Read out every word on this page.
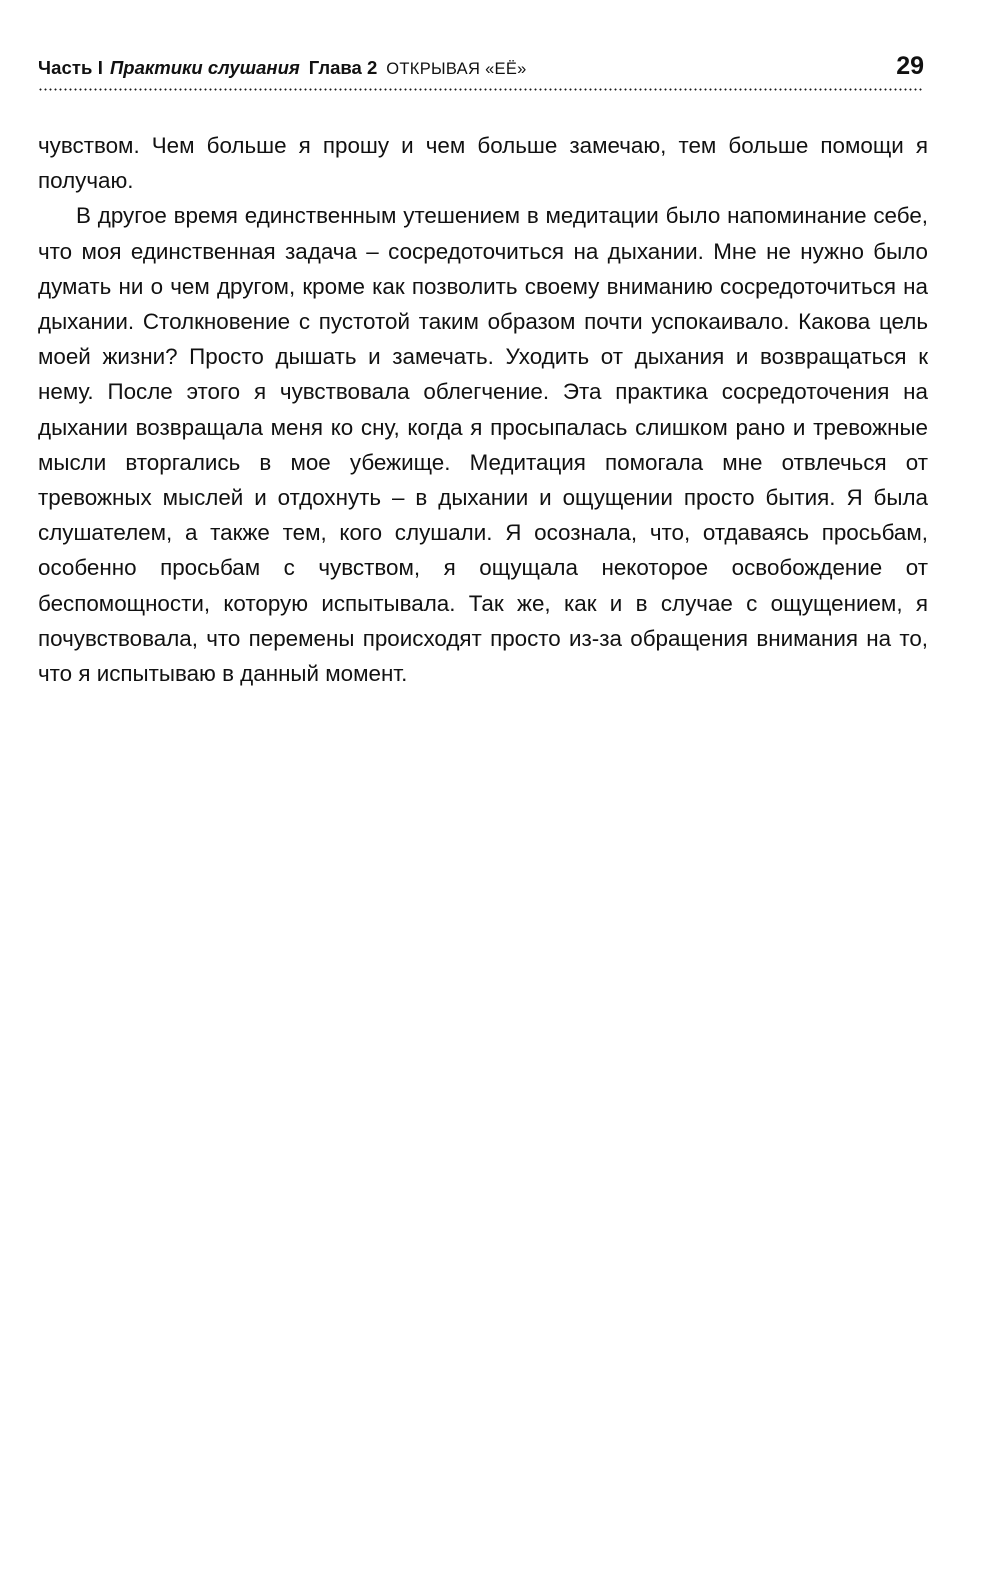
Часть I Практики слушания Глава 2 ОТКРЫВАЯ «ЕЁ»	29

чувством. Чем больше я прошу и чем больше замечаю, тем больше помощи я получаю.

В другое время единственным утешением в медитации было напоминание себе, что моя единственная задача – сосредоточиться на дыхании. Мне не нужно было думать ни о чем другом, кроме как позволить своему вниманию сосредоточиться на дыхании. Столкновение с пустотой таким образом почти успокаивало. Какова цель моей жизни? Просто дышать и замечать. Уходить от дыхания и возвращаться к нему. После этого я чувствовала облегчение. Эта практика сосредоточения на дыхании возвращала меня ко сну, когда я просыпалась слишком рано и тревожные мысли вторгались в мое убежище. Медитация помогала мне отвлечься от тревожных мыслей и отдохнуть – в дыхании и ощущении просто бытия. Я была слушателем, а также тем, кого слушали. Я осознала, что, отдаваясь просьбам, особенно просьбам с чувством, я ощущала некоторое освобождение от беспомощности, которую испытывала. Так же, как и в случае с ощущением, я почувствовала, что перемены происходят просто из-за обращения внимания на то, что я испытываю в данный момент.
